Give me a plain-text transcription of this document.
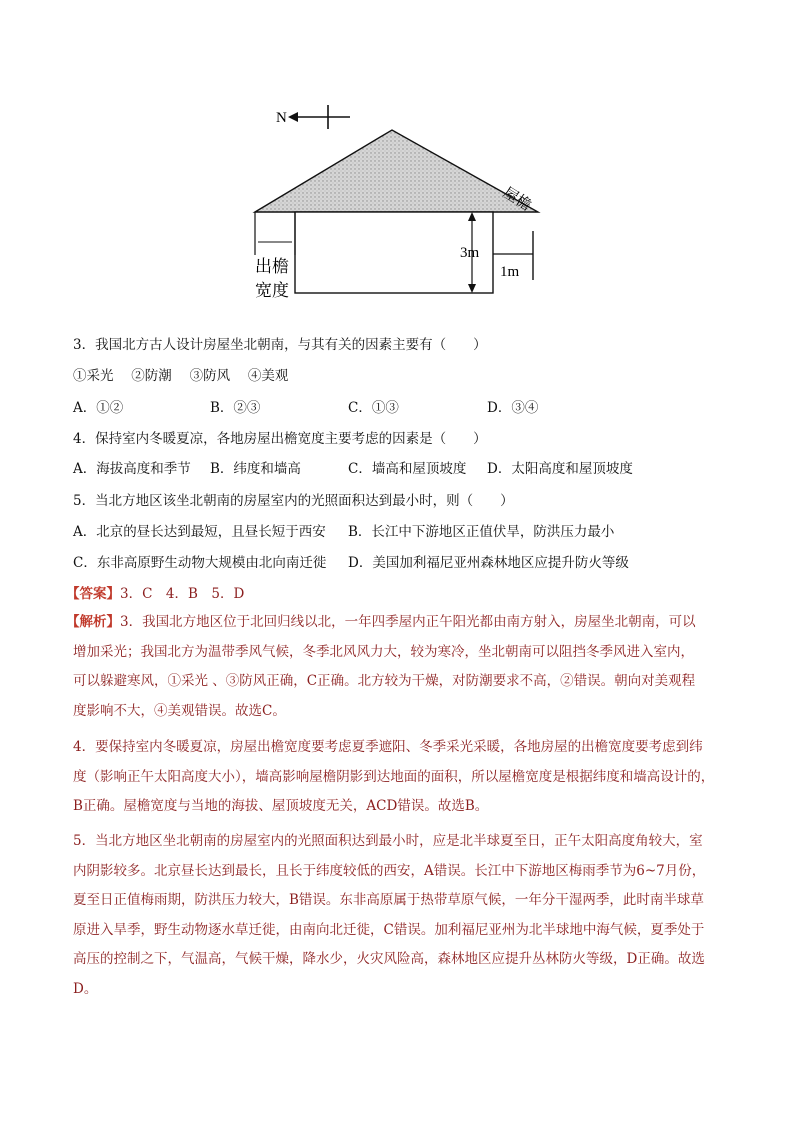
N
屋檐
出檐
宽度
3m
1m
3．我国北方古人设计房屋坐北朝南，与其有关的因素主要有（　　）
①采光　 ②防潮　 ③防风　 ④美观
A．①②	B．②③	C．①③	D．③④
4．保持室内冬暖夏凉，各地房屋出檐宽度主要考虑的因素是（　　）
A．海拔高度和季节 B．纬度和墙高	C．墙高和屋顶坡度 D．太阳高度和屋顶坡度
5．当北方地区该坐北朝南的房屋室内的光照面积达到最小时，则（　　）
A．北京的昼长达到最短，且昼长短于西安 B．长江中下游地区正值伏旱，防洪压力最小
C．东非高原野生动物大规模由北向南迁徙 D．美国加利福尼亚州森林地区应提升防火等级
【答案】3．C　4．B　5．D
【解析】3．我国北方地区位于北回归线以北，一年四季屋内正午阳光都由南方射入，房屋坐北朝南，可以
增加采光；我国北方为温带季风气候，冬季北风风力大，较为寒冷，坐北朝南可以阻挡冬季风进入室内，
可以躲避寒风，①采光 、③防风正确，C正确。北方较为干燥，对防潮要求不高，②错误。朝向对美观程
度影响不大，④美观错误。故选C。
4．要保持室内冬暖夏凉，房屋出檐宽度要考虑夏季遮阳、冬季采光采暖，各地房屋的出檐宽度要考虑到纬
度（影响正午太阳高度大小），墙高影响屋檐阴影到达地面的面积，所以屋檐宽度是根据纬度和墙高设计的，
B正确。屋檐宽度与当地的海拔、屋顶坡度无关，ACD错误。故选B。
5．当北方地区坐北朝南的房屋室内的光照面积达到最小时，应是北半球夏至日，正午太阳高度角较大，室
内阴影较多。北京昼长达到最长，且长于纬度较低的西安，A错误。长江中下游地区梅雨季节为6~7月份，
夏至日正值梅雨期，防洪压力较大，B错误。东非高原属于热带草原气候，一年分干湿两季，此时南半球草
原进入旱季，野生动物逐水草迁徙，由南向北迁徙，C错误。加利福尼亚州为北半球地中海气候，夏季处于
高压的控制之下，气温高，气候干燥，降水少，火灾风险高，森林地区应提升丛林防火等级，D正确。故选
D。
